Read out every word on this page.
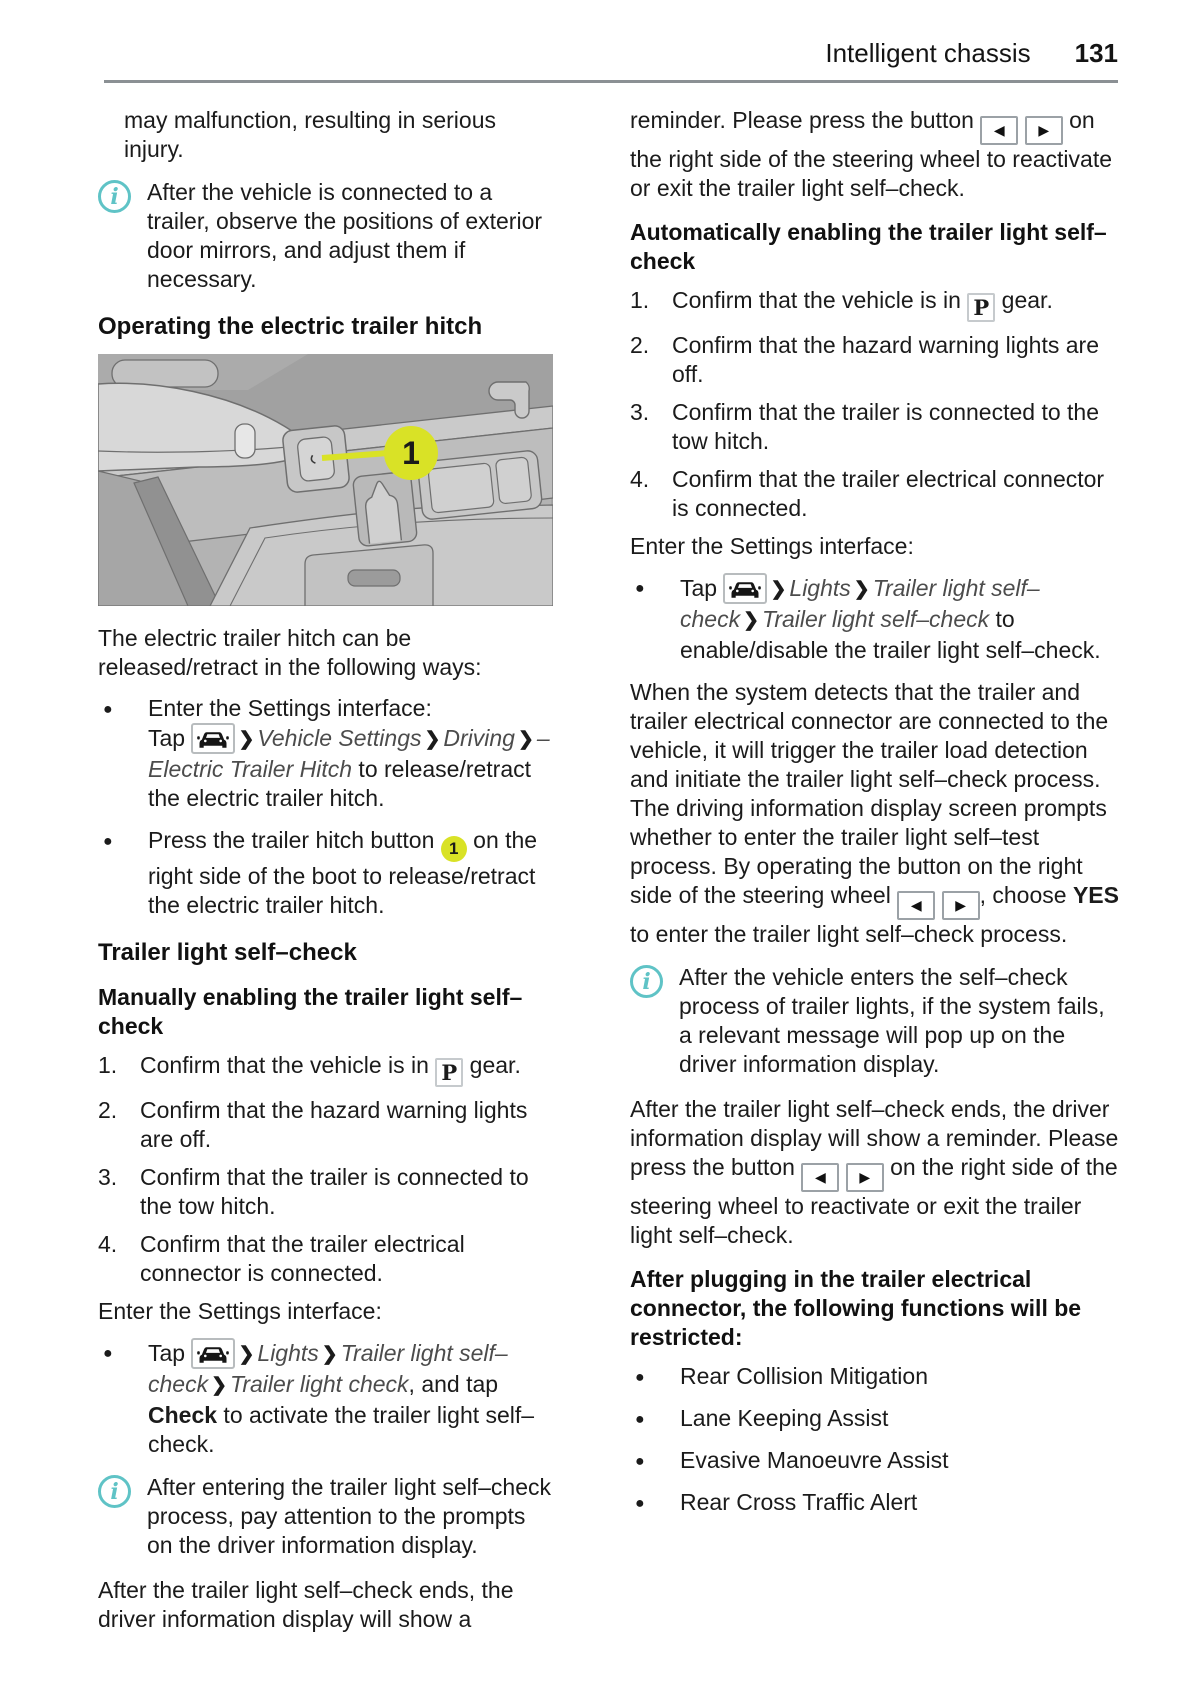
Intelligent chassis 131

may malfunction, resulting in serious injury.

i	After the vehicle is connected to a trailer, observe the positions of exterior door mirrors, and adjust them if necessary.
Operating the electric trailer hitch
1

The electric trailer hitch can be released/retract in the following ways:

● Enter the Settings interface:
Tap
❯ Vehicle Settings ❯ Driving ❯ – Electric Trailer Hitch to release/retract the electric trailer hitch.
● Press the trailer hitch button 1 on the right side of the boot to release/retract the electric trailer hitch.
Trailer light self–check
Manually enabling the trailer light self–check
1. Confirm that the vehicle is in P gear.
2. Confirm that the hazard warning lights are off.
3. Confirm that the trailer is connected to the tow hitch.
4. Confirm that the trailer electrical connector is connected.

Enter the Settings interface:

● Tap
❯ Lights ❯ Trailer light self–check ❯ Trailer light check, and tap Check to activate the trailer light self–check.
i	After entering the trailer light self–check process, pay attention to the prompts on the driver information display.

After the trailer light self–check ends, the driver information display will show a

reminder. Please press the button ◀ ▶ on the right side of the steering wheel to reactivate or exit the trailer light self–check.

Automatically enabling the trailer light self–check
1. Confirm that the vehicle is in P gear.
2. Confirm that the hazard warning lights are off.
3. Confirm that the trailer is connected to the tow hitch.
4. Confirm that the trailer electrical connector is connected.

Enter the Settings interface:

● Tap
❯ Lights ❯ Trailer light self–check ❯ Trailer light self–check to enable/disable the trailer light self–check.

When the system detects that the trailer and trailer electrical connector are connected to the vehicle, it will trigger the trailer load detection and initiate the trailer light self–check process. The driving information display screen prompts whether to enter the trailer light self–test process. By operating the button on the right side of the steering wheel ◀ ▶ , choose YES to enter the trailer light self–check process.

i	After the vehicle enters the self–check process of trailer lights, if the system fails, a relevant message will pop up on the driver information display.

After the trailer light self–check ends, the driver information display will show a reminder. Please press the button ◀ ▶ on the right side of the steering wheel to reactivate or exit the trailer light self–check.

After plugging in the trailer electrical connector, the following functions will be restricted:
● Rear Collision Mitigation
● Lane Keeping Assist
● Evasive Manoeuvre Assist
● Rear Cross Traffic Alert
